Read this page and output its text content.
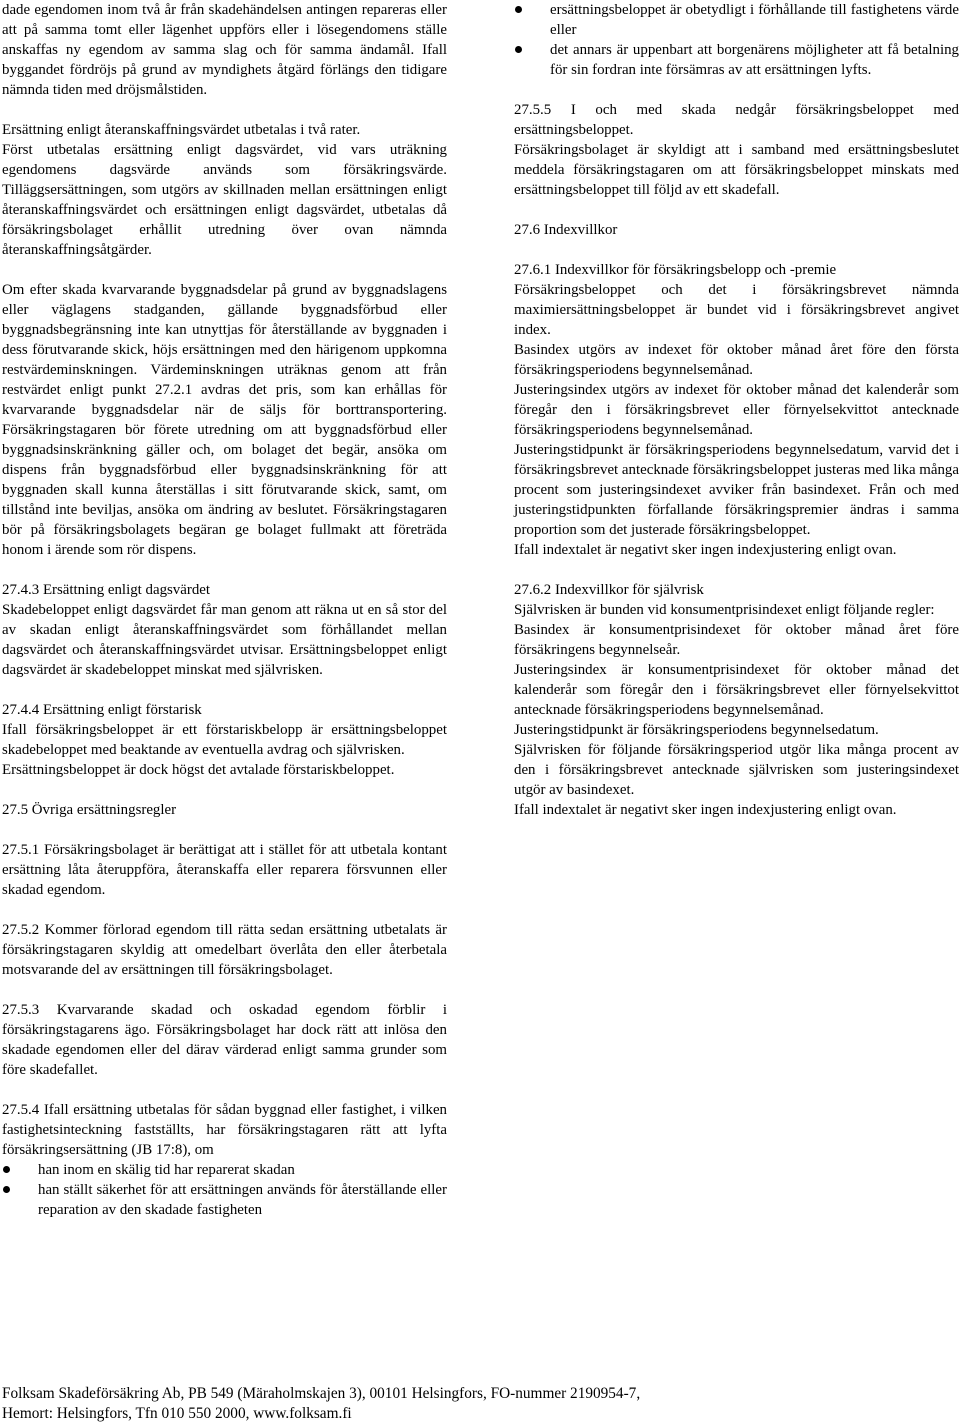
dade egendomen inom två år från skadehändelsen antingen repareras eller att på samma tomt eller lägenhet uppförs eller i lösegendomens ställe anskaffas ny egendom av samma slag och för samma ändamål. Ifall byggandet fördröjs på grund av myndighets åtgärd förlängs den tidigare nämnda tiden med dröjsmålstiden.

Ersättning enligt återanskaffningsvärdet utbetalas i två rater.

Först utbetalas ersättning enligt dagsvärdet, vid vars uträkning egendomens dagsvärde används som försäkringsvärde. Tilläggsersättningen, som utgörs av skillnaden mellan ersättningen enligt återanskaffningsvärdet och ersättningen enligt dagsvärdet, utbetalas då försäkringsbolaget erhållit utredning över ovan nämnda återanskaffningsåtgärder.

Om efter skada kvarvarande byggnadsdelar på grund av byggnadslagens eller väglagens stadganden, gällande byggnadsförbud eller byggnadsbegränsning inte kan utnyttjas för återställande av byggnaden i dess förutvarande skick, höjs ersättningen med den härigenom uppkomna restvärdeminskningen. Värdeminskningen uträknas genom att från restvärdet enligt punkt 27.2.1 avdras det pris, som kan erhållas för kvarvarande byggnadsdelar när de säljs för borttransportering. Försäkringstagaren bör förete utredning om att byggnadsförbud eller byggnadsinskränkning gäller och, om bolaget det begär, ansöka om dispens från byggnadsförbud eller byggnadsinskränkning för att byggnaden skall kunna återställas i sitt förutvarande skick, samt, om tillstånd inte beviljas, ansöka om ändring av beslutet. Försäkringstagaren bör på försäkringsbolagets begäran ge bolaget fullmakt att företräda honom i ärende som rör dispens.

27.4.3 Ersättning enligt dagsvärdet

Skadebeloppet enligt dagsvärdet får man genom att räkna ut en så stor del av skadan enligt återanskaffningsvärdet som förhållandet mellan dagsvärdet och återanskaffningsvärdet utvisar. Ersättningsbeloppet enligt dagsvärdet är skadebeloppet minskat med självrisken.

27.4.4 Ersättning enligt förstarisk

Ifall försäkringsbeloppet är ett förstariskbelopp är ersättningsbeloppet skadebeloppet med beaktande av eventuella avdrag och självrisken.

Ersättningsbeloppet är dock högst det avtalade förstariskbeloppet.

27.5 Övriga ersättningsregler

27.5.1 Försäkringsbolaget är berättigat att i stället för att utbetala kontant ersättning låta återuppföra, återanskaffa eller reparera försvunnen eller skadad egendom.

27.5.2 Kommer förlorad egendom till rätta sedan ersättning utbetalats är försäkringstagaren skyldig att omedelbart överlåta den eller återbetala motsvarande del av ersättningen till försäkringsbolaget.

27.5.3 Kvarvarande skadad och oskadad egendom förblir i försäkringstagarens ägo. Försäkringsbolaget har dock rätt att inlösa den skadade egendomen eller del därav värderad enligt samma grunder som före skadefallet.

27.5.4 Ifall ersättning utbetalas för sådan byggnad eller fastighet, i vilken fastighetsinteckning fastställts, har försäkringstagaren rätt att lyfta försäkringsersättning (JB 17:8), om

han inom en skälig tid har reparerat skadan
han ställt säkerhet för att ersättningen används för återställande eller reparation av den skadade fastigheten
ersättningsbeloppet är obetydligt i förhållande till fastighetens värde eller
det annars är uppenbart att borgenärens möjligheter att få betalning för sin fordran inte försämras av att ersättningen lyfts.

27.5.5 I och med skada nedgår försäkringsbeloppet med ersättningsbeloppet.

Försäkringsbolaget är skyldigt att i samband med ersättningsbeslutet meddela försäkringstagaren om att försäkringsbeloppet minskats med ersättningsbeloppet till följd av ett skadefall.

27.6 Indexvillkor

27.6.1 Indexvillkor för försäkringsbelopp och -premie

Försäkringsbeloppet och det i försäkringsbrevet nämnda maximiersättningsbeloppet är bundet vid i försäkringsbrevet angivet index.

Basindex utgörs av indexet för oktober månad året före den första försäkringsperiodens begynnelsemånad.

Justeringsindex utgörs av indexet för oktober månad det kalenderår som föregår den i försäkringsbrevet eller förnyelsekvittot antecknade försäkringsperiodens begynnelsemånad.

Justeringstidpunkt är försäkringsperiodens begynnelsedatum, varvid det i försäkringsbrevet antecknade försäkringsbeloppet justeras med lika många procent som justeringsindexet avviker från basindexet. Från och med justeringstidpunkten förfallande försäkringspremier ändras i samma proportion som det justerade försäkringsbeloppet.

Ifall indextalet är negativt sker ingen indexjustering enligt ovan.

27.6.2 Indexvillkor för självrisk

Självrisken är bunden vid konsumentprisindexet enligt följande regler:

Basindex är konsumentprisindexet för oktober månad året före försäkringens begynnelseår.

Justeringsindex är konsumentprisindexet för oktober månad det kalenderår som föregår den i försäkringsbrevet eller förnyelsekvittot antecknade försäkringsperiodens begynnelsemånad.

Justeringstidpunkt är försäkringsperiodens begynnelsedatum.

Självrisken för följande försäkringsperiod utgör lika många procent av den i försäkringsbrevet antecknade självrisken som justeringsindexet utgör av basindexet.

Ifall indextalet är negativt sker ingen indexjustering enligt ovan.

Folksam Skadeförsäkring Ab, PB 549 (Märaholmskajen 3), 00101 Helsingfors, FO-nummer 2190954-7,
Hemort: Helsingfors, Tfn 010 550 2000, www.folksam.fi
